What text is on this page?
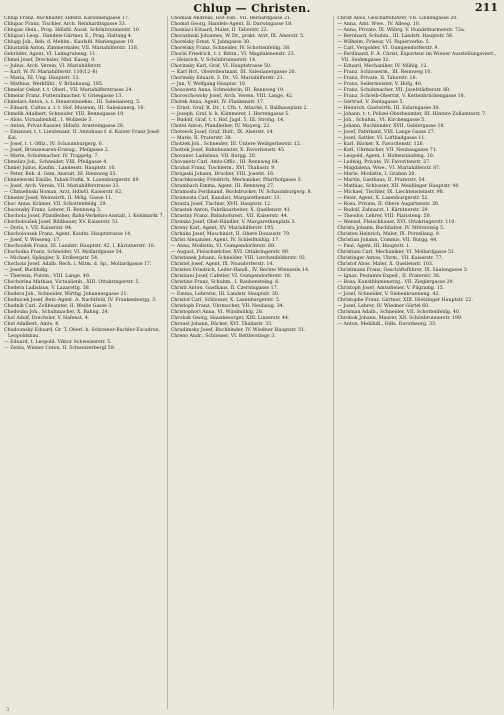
Chlup — Christen.	211

Chlup Franz, Buchhalter, Hdlsfd. Karolinengasse 17.

Chlupac Franz, Tischler, Arch. Reinhardtsgasse 33.

Chlupac Hein., Prop. Hdlsfd. Ausst. Schönbrunnerstr. 10.

Chlupaci Leop., Handels-Gärtner, E., Prag. Haltung 4.

Chlupp Joh., Beh. d. Mehlm., Kaufsfd. Mariengasse 19.

Chlustatik Anton, Zimmermaler, VII. Mariahilferstr. 118.

Gebrüder, Agent, VI. Laimgrubeng. 11.

Chmel Josef, Drechsler, Nbd. Kassg. 9.

— Julius, Arch. Verein, VI. Mariahilferstr.

— Karl, W. IV. Mariahilferstr. 110(12–8)

— Maria, III. Ung. Hauptstr. 13.

— Mathias, Werkführ., V. Bräuhausg. 185.

Chmelar Oskar, t. t. Oberl., VII. Mariahilferstrasse 24.

Chmelar Franz, Futteralmacher, V. Griesgasse 13.

Chmelars Anton, s. t. Steuereinnehm., III. Salesianerg. 5.

— Eduard, Cultus a. t. t. Hof. Museum, III. Salesianerg. 16.

Chmelik Adalbert, Schneider, VIII. Bennogasse 10.

— Alois, Victualienhdl., I. Wollzeile 3.

— Anton, Privat-Kassier, Hdlsfd. Arnsteingasse 26.

— Emanuel, t. t. Lieutenant, II. Amtshaus f. d. Katzer Franz Josef-Kai.

— Josef, t. t. Offiz., IV. Schaumburgerg. 6.

— Josef, Bronzewaren-Erzeug., Pfeilgasse 2.

— Marie, Schuhmacher, IV. Trappelg. 7.

Chmelirz Joh., Schneider, VIII. Pfeilgasse 4.

Chmiel Julius, Kaufm., Landesstr. Hauptstr. 10.

— Peter, Beh. d. Gem. Anstalt, III. Rennweg 33.

Chmielewski Emilie, Tabak-Trafik, X. Laxenburgerstr. 69.

— Josef, Arch. Verein, VII. Mariahilferstrasse 33.

— Chmielinski Roman, Arzt, Hdlsfd. Kaiserstr. 62.

Chmeler Josef, Weinwirth, II. Mölg. Gasse 11.

Choc Anna, Krämer, VII. Schottenfeldg. 29.

Chocenský Franz, Lehrer, II. Rennweg 3.

Chochola Josef, Pfandleiher, Bahn-Verkehrs-Anstalt, I. Kohlmarkt 7.

Chocholoušek Josef, Bildhauer, XV. Kaiserstr. 51.

— Doris, t. VII. Kaiserstr. 94.

Chocholousek Franz, Agent, Kaufm. Hauptstrasse 14.

— Josef, V. Wieseng. 17.

Chochoulek Franz, III. Landstr. Hauptstr. 42, I. Kärntnerstr. 10.

Chocholka Franz, Schneider, VI. Mollardgasse 54.

— Michael, Spängler, X. Erdbergstr. 54.

Chochola Josef, Adalb. Rech. i. Mitm. d. Sp., Mollardgasse 17.

— Josef, Buchhdlg.

— Theresia, Putzm., VIII. Lange. 49.

Chochorina Mathias, Victualienh., XIII. Ottakringerstr. 5.

Chodera Ladislaus, V. Lazarettg. 38.

Chodera Joh., Schneider, Wirthg. Johannesgasse 21.

Chodnicek Josef, Betr.-Agent. A. Nachtfeld, IV. Frankenbergg. 3.

Chodnik Carl, Zollbeamter, II. Weiße Gasse 3.

Chodouba Joh., Schuhmacher, X. Bahng. 24.

Chol Adolf, Drechsler, V. Hafenst. 4.

Chol Adalbert, Amts. 4.

Chodounský Eduard, Gr. T. Oberl. b. Schreiner-Bachler-Escadron, Leopoldsbau.

— Eduard, t. Leopold. Viktor Schweizerstr. 5.

— Zenta, Wiener Ceton, II. Schweizerbergl 59.

Chomiak Andreas, Hut-Fab., VII. Bernardgasse 21.

Chomid Georg, Handels-Agent, II. Darwingasse 18.

Chomiaci Eduard, Maler, II. Taborstr. 22.

Chorazinski Johannes, W. Dr., prakt. Arzt, IX. Alserstr. 5.

Chorelsky Ernst, V. Jahngasse 30.

Chorelsky Franz, Schneider, IV. Schottenfeldg. 38.

Chorin Friedrich, t. t. Rittm., VI. Magdalenenstr. 23.

— Heinrich, V. Schönbrunnerstr. 14.

Chorinsky Karl, Graf, VI. Hauptstrasse 50.

— Karl Hcf., Oberstleutnant, III. Salesianergasse 20.

Chorinsky Eduard, 3. Dr., VI. Mariahilferstr. 21.

— Jan, V. Wolfgang Hauptsr. 10.

Chosowetz Anna, Schneiderin, III. Rennweg 19.

Choroschowsky Josef, Arch. Verein. VIII. Lange. 42.

Chotek Anna, Agent, IV. Flankenstr. 17.

— Ernst, Graf, R. Dr., t. Cth. t. Attaché, I. Ballhausplatz 2.

— Joseph, Graf, k. k. Kämmerer, I. Herrengasse 5.

— Rudolf, Graf, t. t. Hof. Jagd. 5, III. Strohg. 14.

Chotel Anton, Pfandleiher, IV. Mayerg. 22.

Choteeck Josef, Graf, Hofr., IX. Alserstr. 14.

— Marie, II. Praterstr. 38.

Chotzek Joh., Schneider, III. Untere Weißgerberstr. 12.

Chottek Josef, Bahnbeamter, X. Favoritenstr. 45.

Chovanec Ladislaus, VII. Burgg. 20.

Chovanetz Carl, Amts-Offic., III. Rennweg 64.

Chrabal Franz, Tischlerm., XVI. Thaliastr. 9.

Chrajaski Johann, Drucker, VIII. Josefst. 16.

Chrachkowsky Friedrich, Mechaniker, Pfarrhofgasse 3.

Chrambach Emma, Agent, III. Rennweg 27.

Chramosta Ferdinand, Buchdrucker, IV. Schaumburgerg. 8.

Chramosta Carl, Kanzlist, Margarethenstr. 33.

Chrasta Josef, Tischler, XVII. Hauptstr. 12.

Chrastek Anton, Fabriksarbeiter, X. Quellenstr. 41.

Chrastny Franz, Bahnhofsrest., VII. Kaiserstr. 44.

Chrenka Josef, Obst-Händler, V. Margarethenplatz 3.

Chreny Karl, Agent, XV. Mariahilferstr. 195.

Chrhaka Josef, Maschinist, II. Obere Donaustr. 79.

Christ Alexander, Agent, IV. Schleifmühlg. 17.

— Anna, Modistin, VI. Gumpendorferstr. 68.

— August, Fleischselcher, XVI. Ottakringerstr. 80.

Christanek Johann, Schneider, VIII. Lerchenfelderstr. 92.

Christel Josef, Agent, IX. Nussdorferstr. 14.

Christen Friedrich, Leder-Handl., IV. Rechte Wienzeile 14.

Christiani Josef, Cafetier, VI. Gumpendorferstr. 18.

Christine Franz, Schuhm., I. Rauhensteing. 6.

Christl Anton, Gasthaus, II. Czerningasse 17.

— Emma, Lehrerin, III. Landstr. Hauptstr. 30.

Christof Carl, Schlosser, X. Laxenburgerstr. 5.

Christoph Franz, Uhrmacher, VII. Neubaug. 34.

Christophori Anna, VI. Windmühlg. 28.

Chrobak Georg, Hausbesorger, XIII. Linzerstr. 44.

Chroust Johann, Bäcker, XVI. Thaliastr. 33.

Chrudimsky Josef, Buchbinder, IV. Wiedner Hauptstr. 51.

Chreno Andr., Schlosser, VI. Bettlerstiege 3.

Christ Alois, Geschäftsführer, VII. Lindengasse 20.

— Anna, Amt. Wwe., IV. Alleeg. 10.

— Anna, Private, IX. Währg. V. Hundsthurmerstr. 72a.

— Bernhard, Schuhm., III. Landstr. Hauptstr. 56.

— Wilhelm, Friseur, VI. Papierverke. 5.

— Carl, Vergolder, VI. Gumpendorferstr. 9.

— Ferdinand, F. A. Christ, Exporteur im Wiener Ausstellungsviert., VII. Seidengasse 32.

— Eduard, Mechaniker, IV. Mühlg. 12.

— Franz, Schlosserm., III. Rennweg 10.

— Franz, Private, II. Taborstr. 18.

— Franz, Seilermeister, V. Hofg. 40.

— Franz, Schuhmacher, VII. Josefstädterstr. 60.

— Franz, Schreib-Oberrat, V. Kettenbrückengasse 18.

— Gertrud, V. Zentagasse 5.

— Heinrich, Gastwirth, III. Eslarngasse 30.

— Johann, t. t. Polizei-Oberbeamter, III. Hintere Zollamtsstr. 7.

— Joh., Schuhm., VI. Kirchengasse 5.

— Johann, Buchbinder, XVII. Geblergasse 18.

— Josef, Fabrikant, VIII. Lange Gasse 27.

— Josef, Sattler, VI. Luftbadgasse 11.

— Karl, Bäcker, X. Favoritenstr. 126.

— Karl, Uhrmacher, VII. Neubaugasse 71.

— Leopold, Agent, I. Hohenstaufeng. 10.

— Ludwig, Private, IV. Favoritenstr. 27.

— Magdalena, Wwe., VI. Mariahilferstr. 87.

— Marie, Modistin, I. Graben 20.

— Martin, Gasthaus, II. Praterstr. 54.

— Mathias, Schlosser, XII. Meidlinger Hauptstr. 40.

— Michael, Tischler, IX. Liechtensteinstr. 98.

— Peter, Agent, X. Laxenburgerstr. 52.

— Rosa, Private, II. Obere Augartenstr. 30.

— Rudolf, Zahnarzt, I. Kärntnerstr. 29.

— Theodor, Lehrer, VIII. Piaristeng. 50.

— Wenzel, Fleischhauer, XVI. Ottakringerstr. 110.

Christa Johann, Buchhalter, IV. Mittersteig 5.

Christen Heinrich, Maler, IX. Porzellang. 9.

Christian Johann, Commis, VII. Burgg. 44.

— Paul, Agent, III. Hauptstr. 1.

Christiani Carl, Mechaniker, VI. Mollardgasse 51.

Christinger Anton, Uhrm., VII. Kaiserstr. 77.

Christof Alois, Maler, X. Quellenstr. 103.

Christmann Franz, Geschäftsführer, IX. Säulengasse 3.

— Ignaz, Postamts-Exped., II. Praterstr. 38.

— Rosa, Kunstblumenerzg., VII. Zieglergasse 29.

Christoph Josef, Amtsdiener, V. Pilgramg. 15.

— Josef, Schneider, V. Siebenbrunneng. 42.

Christophe Franz, Gärtner, XIII. Hietzinger Hauptstr. 22.

— Josef, Lehrer, IV. Wiedner Gürtel 60.

Chrisman Adalb., Schneider, VII. Schottenfeldg. 40.

Chrobok Johann, Maurer, XII. Schönbrunnerstr. 199.

— Anton, Mehlhdl., Hdls. Dorotheerg. 33.

3
